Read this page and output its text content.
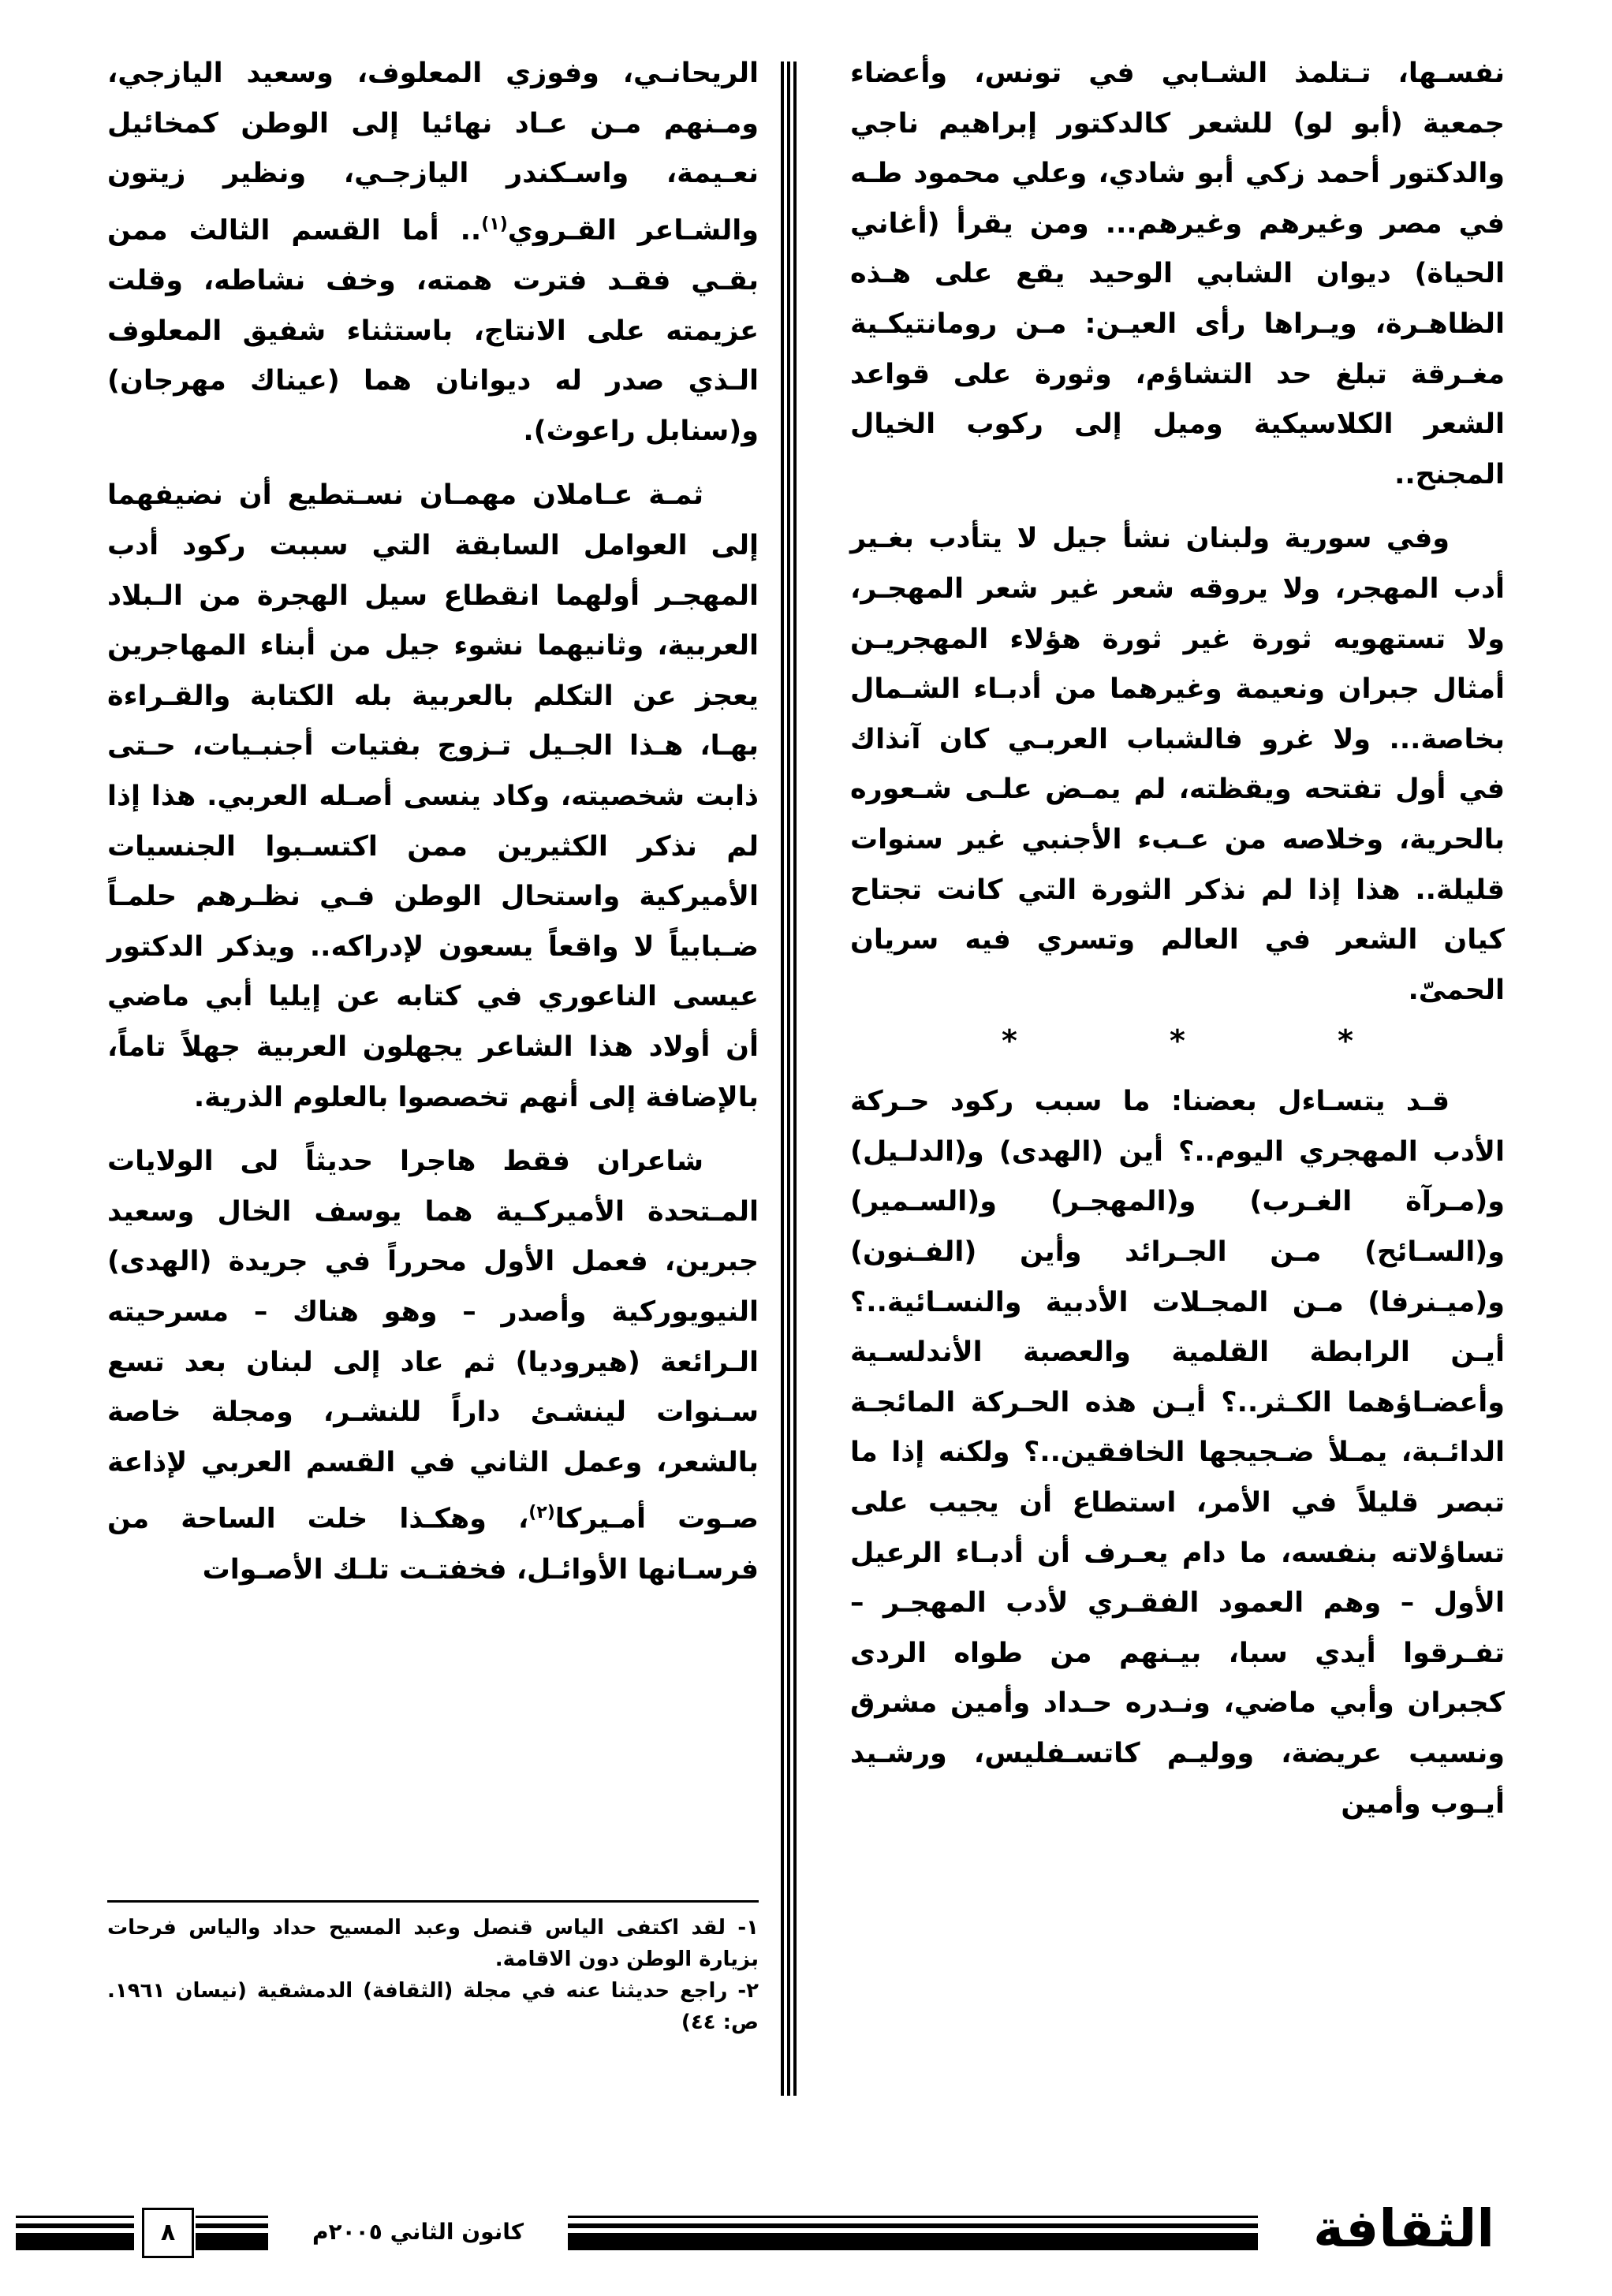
نفسـها، تـتلمذ الشـابي في تونس، وأعضاء جمعية (أبو لو) للشعر كالدكتور إبراهيم ناجي والدكتور أحمد زكي أبو شادي، وعلي محمود طـه في مصر وغيرهم وغيرهم... ومن يقرأ (أغاني الحياة) ديوان الشابي الوحيد يقع على هـذه الظاهـرة، ويـراها رأى العيـن: مـن رومانتيكـية مغـرقة تبلغ حد التشاؤم، وثورة على قواعد الشعر الكلاسيكية وميل إلى ركوب الخيال المجنح..

وفي سورية ولبنان نشأ جيل لا يتأدب بغـير أدب المهجر، ولا يروقه شعر غير شعر المهجـر، ولا تستهويه ثورة غير ثورة هؤلاء المهجريـن أمثال جبران ونعيمة وغيرهما من أدبـاء الشـمال بخاصة... ولا غرو فالشباب العربـي كان آنذاك في أول تفتحه ويقظته، لم يمـض علـى شـعوره بالحرية، وخلاصه من عـبء الأجنبي غير سنوات قليلة.. هذا إذا لم نذكر الثورة التي كانت تجتاح كيان الشعر في العالم وتسري فيه سريان الحمىّ.

* * *

قـد يتسـاءل بعضنا: ما سبب ركود حـركة الأدب المهجري اليوم..؟ أين (الهدى) و(الدلـيل) و(مـرآة الغـرب) و(المهجـر) و(السـمير) و(السـائح) مـن الجـرائد وأين (الفـنون) و(ميـنرفا) مـن المجـلات الأدبية والنسـائية..؟ أيـن الرابطة القلمية والعصبة الأندلسـية وأعضـاؤهما الكـثر..؟ أيـن هذه الحـركة المائجـة الدائـبة، يمـلأ ضـجيجها الخافقين..؟ ولكنه إذا ما تبصر قليلاً في الأمر، استطاع أن يجيب على تساؤلاته بنفسه، ما دام يعـرف أن أدبـاء الرعيل الأول – وهم العمود الفقـري لأدب المهجـر – تفـرقوا أيدي سبا، بيـنهم من طواه الردى كجبران وأبي ماضي، ونـدره حـداد وأمين مشرق ونسيب عريضة، ووليـم كاتسـفليس، ورشـيد أيـوب وأمين

الريحانـي، وفوزي المعلوف، وسعيد اليازجي، ومـنهم مـن عـاد نهائيا إلى الوطن كمخائيل نعـيمة، واسـكندر اليازجـي، ونظير زيتون والشـاعر القـروي$^{(١)}$.. أما القسم الثالث ممن بقـي فقـد فترت همته، وخف نشاطه، وقلت عزيمته على الانتاج، باستثناء شفيق المعلوف الـذي صدر له ديوانان هما (عيناك مهرجان) و(سنابل راعوث).

ثمـة عـاملان مهمـان نسـتطيع أن نضيفهما إلى العوامل السابقة التي سببت ركود أدب المهجـر أولهما انقطاع سيل الهجرة من الـبلاد العربية، وثانيهما نشوء جيل من أبناء المهاجرين يعجز عن التكلم بالعربية بله الكتابة والقـراءة بهـا، هـذا الجـيل تـزوج بفتيات أجنبـيات، حـتى ذابت شخصيته، وكاد ينسى أصـله العربي. هذا إذا لم نذكر الكثيرين ممن اكتسـبوا الجنسيات الأميركية واستحال الوطن فـي نظـرهم حلمـاً ضـبابياً لا واقعاً يسعون لإدراكه.. ويذكر الدكتور عيسى الناعوري في كتابه عن إيليا أبي ماضي أن أولاد هذا الشاعر يجهلون العربية جهلاً تاماً، بالإضافة إلى أنهم تخصصوا بالعلوم الذرية.

شاعران فقط هاجرا حديثاً لى الولايات المـتحدة الأميركـية هما يوسف الخال وسعيد جبرين، فعمل الأول محرراً في جريدة (الهدى) النيويوركية وأصدر – وهو هناك – مسرحيته الـرائعة (هيروديا) ثم عاد إلى لبنان بعد تسع سـنوات لينشـئ داراً للنشـر، ومجلة خاصة بالشعر، وعمل الثاني في القسم العربي لإذاعة صـوت أمـيركا$^{(٢)}$، وهكـذا خلت الساحة من فرسـانها الأوائـل، فخفتـت تلـك الأصـوات

١- لقد اكتفى الياس قنصل وعبد المسيح حداد والياس فرحات بزيارة الوطن دون الاقامة.

٢- راجع حديثنا عنه في مجلة (الثقافة) الدمشقية (نيسان ١٩٦١. ص: ٤٤)

٨	كانون الثاني ٢٠٠٥م	الثقافة
